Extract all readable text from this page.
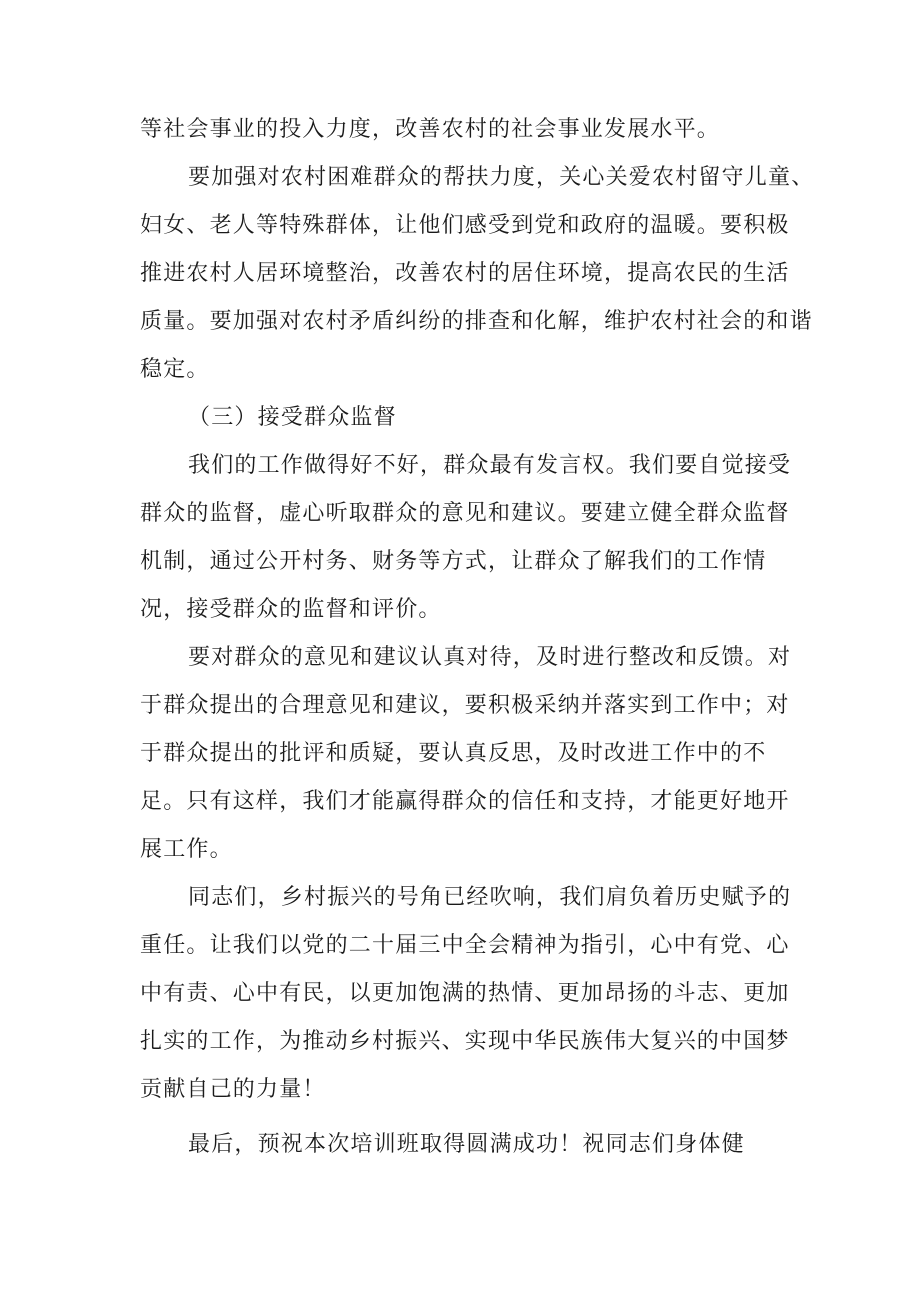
等社会事业的投入力度，改善农村的社会事业发展水平。
要加强对农村困难群众的帮扶力度，关心关爱农村留守儿童、
妇女、老人等特殊群体，让他们感受到党和政府的温暖。要积极
推进农村人居环境整治，改善农村的居住环境，提高农民的生活
质量。要加强对农村矛盾纠纷的排查和化解，维护农村社会的和谐
稳定。
（三）接受群众监督
我们的工作做得好不好，群众最有发言权。我们要自觉接受
群众的监督，虚心听取群众的意见和建议。要建立健全群众监督
机制，通过公开村务、财务等方式，让群众了解我们的工作情
况，接受群众的监督和评价。
要对群众的意见和建议认真对待，及时进行整改和反馈。对
于群众提出的合理意见和建议，要积极采纳并落实到工作中；对
于群众提出的批评和质疑，要认真反思，及时改进工作中的不
足。只有这样，我们才能赢得群众的信任和支持，才能更好地开
展工作。
同志们，乡村振兴的号角已经吹响，我们肩负着历史赋予的
重任。让我们以党的二十届三中全会精神为指引，心中有党、心
中有责、心中有民，以更加饱满的热情、更加昂扬的斗志、更加
扎实的工作，为推动乡村振兴、实现中华民族伟大复兴的中国梦
贡献自己的力量！
最后，预祝本次培训班取得圆满成功！祝同志们身体健
